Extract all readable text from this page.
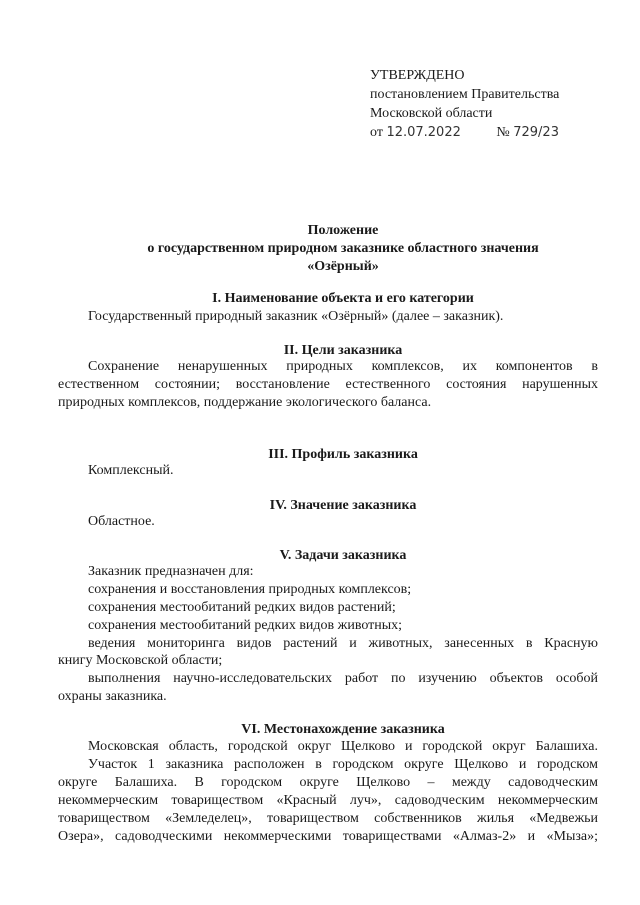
УТВЕРЖДЕНО
постановлением Правительства
Московской области
от 12.07.2022	№ 729/23
Положение
о государственном природном заказнике областного значения
«Озёрный»
I. Наименование объекта и его категории
Государственный природный заказник «Озёрный» (далее – заказник).
II. Цели заказника
Сохранение ненарушенных природных комплексов, их компонентов в
естественном состоянии; восстановление естественного состояния нарушенных
природных комплексов, поддержание экологического баланса.
III. Профиль заказника
Комплексный.
IV. Значение заказника
Областное.
V. Задачи заказника
Заказник предназначен для:
сохранения и восстановления природных комплексов;
сохранения местообитаний редких видов растений;
сохранения местообитаний редких видов животных;
ведения мониторинга видов растений и животных, занесенных в Красную
книгу Московской области;
выполнения научно-исследовательских работ по изучению объектов особой
охраны заказника.
VI. Местонахождение заказника
Московская область, городской округ Щелково и городской округ Балашиха.
Участок 1 заказника расположен в городском округе Щелково и городском
округе Балашиха. В городском округе Щелково – между садоводческим
некоммерческим товариществом «Красный луч», садоводческим некоммерческим
товариществом «Земледелец», товариществом собственников жилья «Медвежьи
Озера», садоводческими некоммерческими товариществами «Алмаз-2» и «Мыза»;
